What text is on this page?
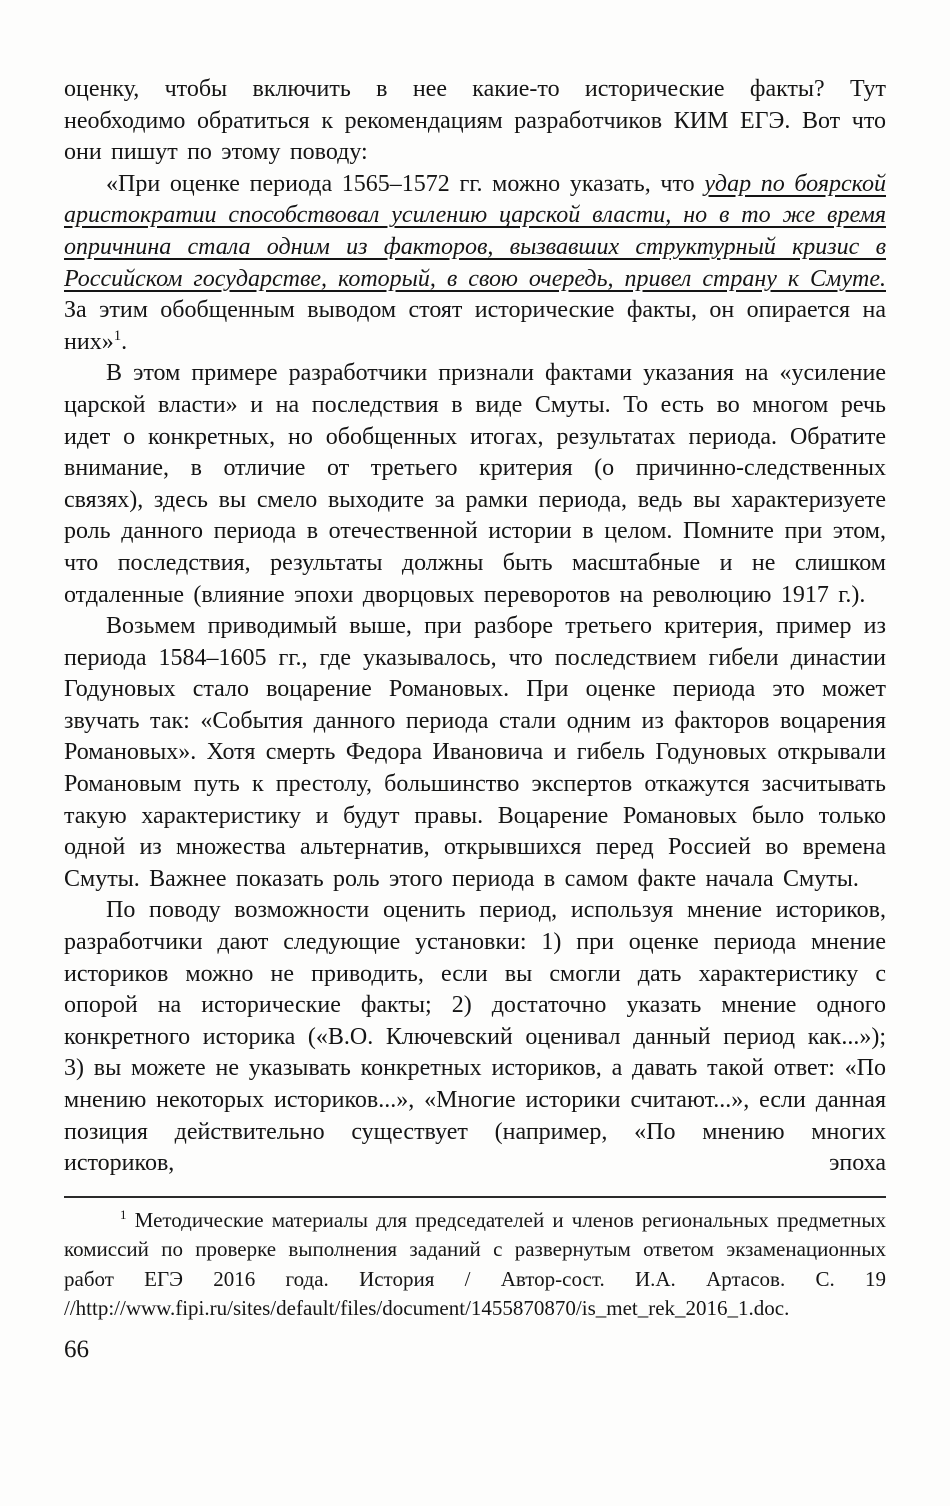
оценку, чтобы включить в нее какие-то исторические факты? Тут необходимо обратиться к рекомендациям разработчиков КИМ ЕГЭ. Вот что они пишут по этому поводу:

«При оценке периода 1565–1572 гг. можно указать, что удар по боярской аристократии способствовал усилению царской власти, но в то же время опричнина стала одним из факторов, вызвавших структурный кризис в Российском государстве, который, в свою очередь, привел страну к Смуте. За этим обобщенным выводом стоят исторические факты, он опирается на них»$^1$.

В этом примере разработчики признали фактами указания на «усиление царской власти» и на последствия в виде Смуты. То есть во многом речь идет о конкретных, но обобщенных итогах, результатах периода. Обратите внимание, в отличие от третьего критерия (о причинно-следственных связях), здесь вы смело выходите за рамки периода, ведь вы характеризуете роль данного периода в отечественной истории в целом. Помните при этом, что последствия, результаты должны быть масштабные и не слишком отдаленные (влияние эпохи дворцовых переворотов на революцию 1917 г.).

Возьмем приводимый выше, при разборе третьего критерия, пример из периода 1584–1605 гг., где указывалось, что последствием гибели династии Годуновых стало воцарение Романовых. При оценке периода это может звучать так: «События данного периода стали одним из факторов воцарения Романовых». Хотя смерть Федора Ивановича и гибель Годуновых открывали Романовым путь к престолу, большинство экспертов откажутся засчитывать такую характеристику и будут правы. Воцарение Романовых было только одной из множества альтернатив, открывшихся перед Россией во времена Смуты. Важнее показать роль этого периода в самом факте начала Смуты.

По поводу возможности оценить период, используя мнение историков, разработчики дают следующие установки: 1) при оценке периода мнение историков можно не приводить, если вы смогли дать характеристику с опорой на исторические факты; 2) достаточно указать мнение одного конкретного историка («В.О. Ключевский оценивал данный период как...»); 3) вы можете не указывать конкретных историков, а давать такой ответ: «По мнению некоторых историков...», «Многие историки считают...», если данная позиция действительно существует (например, «По мнению многих историков, эпоха

$^1$ Методические материалы для председателей и членов региональных предметных комиссий по проверке выполнения заданий с развернутым ответом экзаменационных работ ЕГЭ 2016 года. История / Автор-сост. И.А. Артасов. С. 19 //http://www.fipi.ru/sites/default/files/document/1455870870/is_met_rek_2016_1.doc.

66
